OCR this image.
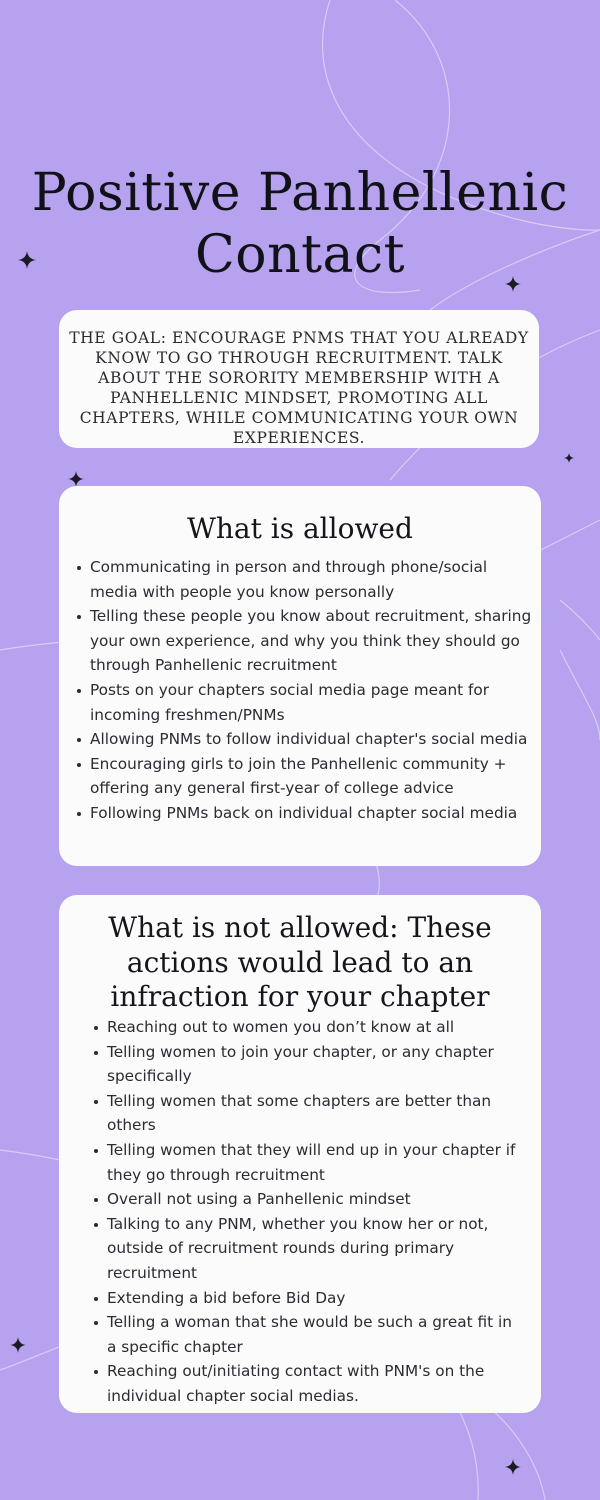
Positive Panhellenic
Contact
THE GOAL: ENCOURAGE PNMS THAT YOU ALREADY KNOW TO GO THROUGH RECRUITMENT. TALK ABOUT THE SORORITY MEMBERSHIP WITH A PANHELLENIC MINDSET, PROMOTING ALL CHAPTERS, WHILE COMMUNICATING YOUR OWN EXPERIENCES.
What is allowed
Communicating in person and through phone/social media with people you know personally
Telling these people you know about recruitment, sharing your own experience, and why you think they should go through Panhellenic recruitment
Posts on your chapters social media page meant for incoming freshmen/PNMs
Allowing PNMs to follow individual chapter's social media
Encouraging girls to join the Panhellenic community + offering any general first-year of college advice
Following PNMs back on individual chapter social media
What is not allowed: These actions would lead to an infraction for your chapter
Reaching out to women you don’t know at all
Telling women to join your chapter, or any chapter specifically
Telling women that some chapters are better than others
Telling women that they will end up in your chapter if they go through recruitment
Overall not using a Panhellenic mindset
Talking to any PNM, whether you know her or not, outside of recruitment rounds during primary recruitment
Extending a bid before Bid Day
Telling a woman that she would be such a great fit in a specific chapter
Reaching out/initiating contact with PNM's on the individual chapter social medias.
